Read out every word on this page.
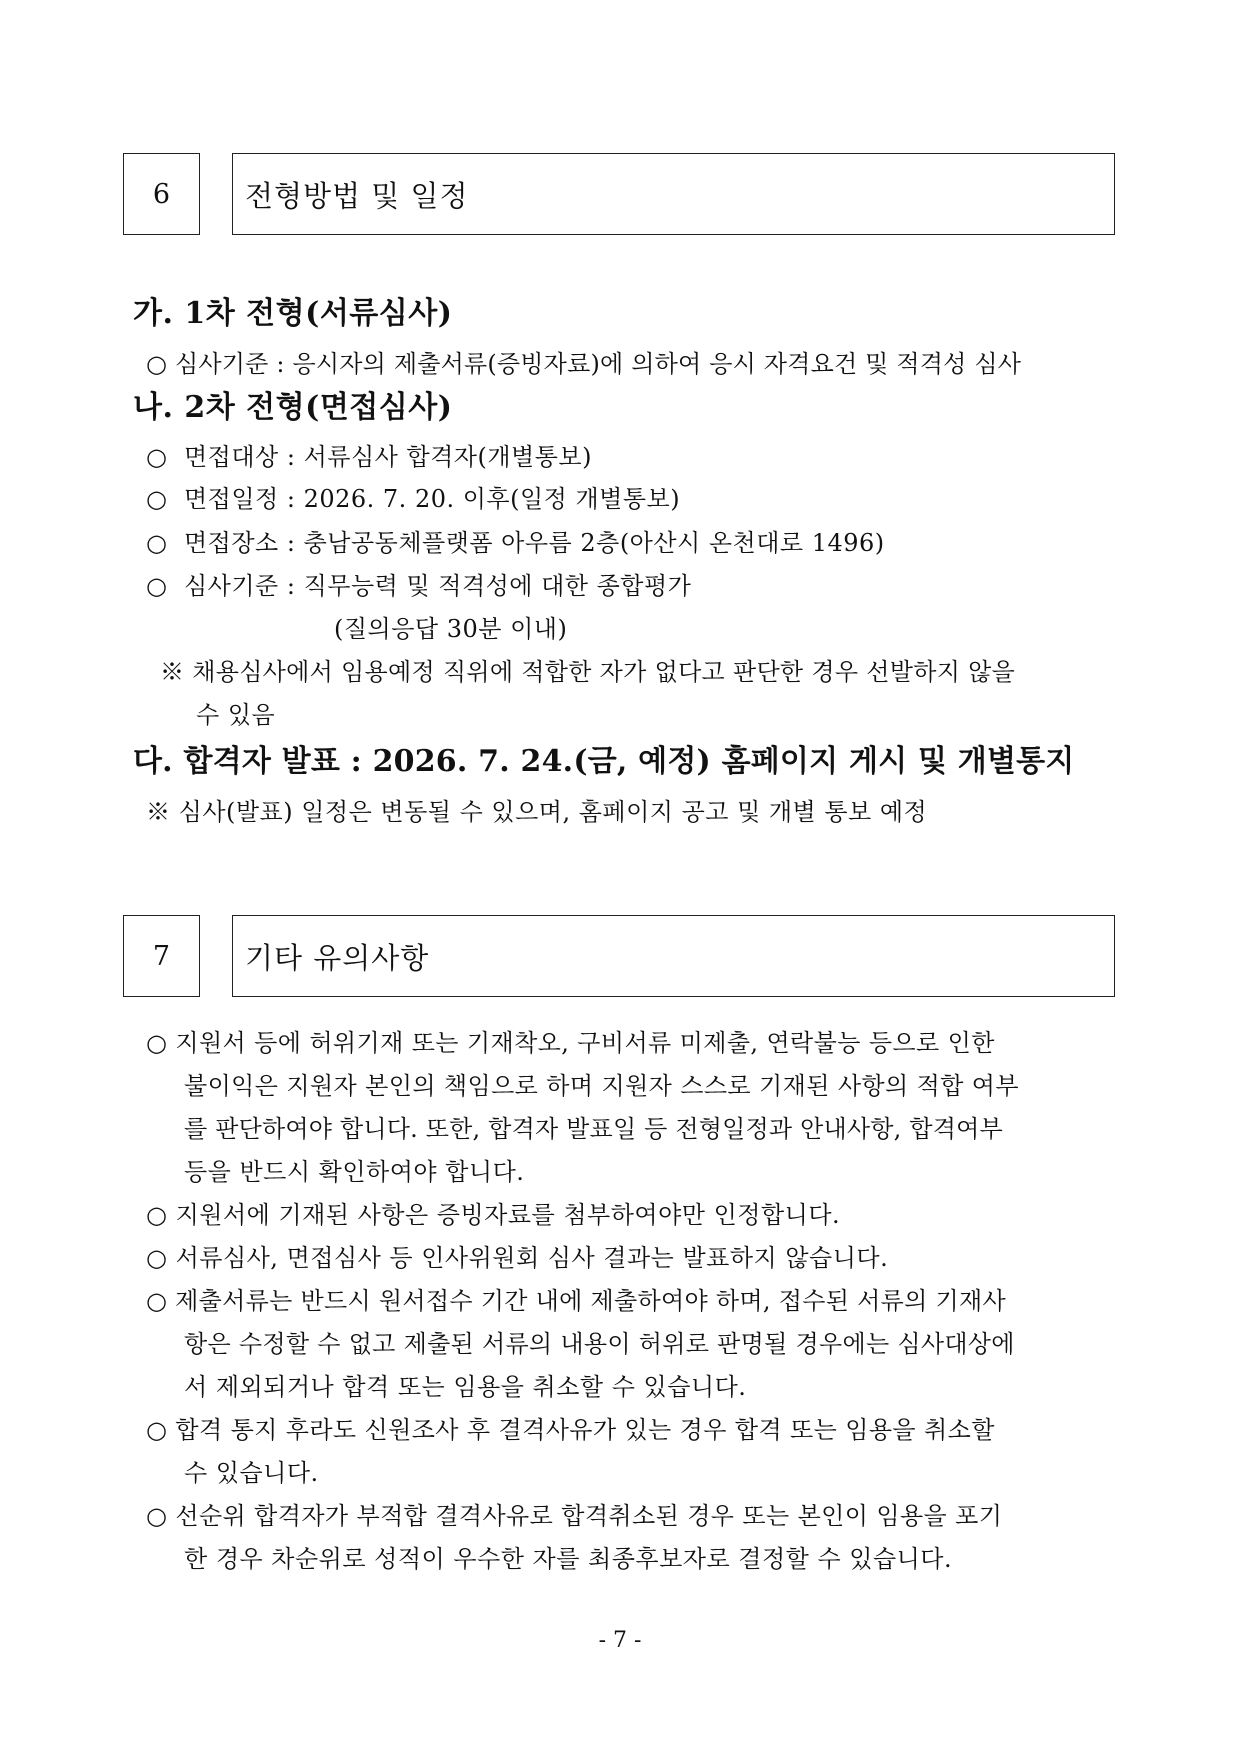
6	전형방법 및 일정
가. 1차 전형(서류심사)
○ 심사기준 : 응시자의 제출서류(증빙자료)에 의하여 응시 자격요건 및 적격성 심사
나. 2차 전형(면접심사)
○ 면접대상 : 서류심사 합격자(개별통보)
○ 면접일정 : 2026. 7. 20. 이후(일정 개별통보)
○ 면접장소 : 충남공동체플랫폼 아우름 2층(아산시 온천대로 1496)
○ 심사기준 : 직무능력 및 적격성에 대한 종합평가
(질의응답 30분 이내)
※ 채용심사에서 임용예정 직위에 적합한 자가 없다고 판단한 경우 선발하지 않을
수 있음
다. 합격자 발표 : 2026. 7. 24.(금, 예정) 홈페이지 게시 및 개별통지
※ 심사(발표) 일정은 변동될 수 있으며, 홈페이지 공고 및 개별 통보 예정
7	기타 유의사항
○ 지원서 등에 허위기재 또는 기재착오, 구비서류 미제출, 연락불능 등으로 인한
불이익은 지원자 본인의 책임으로 하며 지원자 스스로 기재된 사항의 적합 여부
를 판단하여야 합니다. 또한, 합격자 발표일 등 전형일정과 안내사항, 합격여부
등을 반드시 확인하여야 합니다.
○ 지원서에 기재된 사항은 증빙자료를 첨부하여야만 인정합니다.
○ 서류심사, 면접심사 등 인사위원회 심사 결과는 발표하지 않습니다.
○ 제출서류는 반드시 원서접수 기간 내에 제출하여야 하며, 접수된 서류의 기재사
항은 수정할 수 없고 제출된 서류의 내용이 허위로 판명될 경우에는 심사대상에
서 제외되거나 합격 또는 임용을 취소할 수 있습니다.
○ 합격 통지 후라도 신원조사 후 결격사유가 있는 경우 합격 또는 임용을 취소할
수 있습니다.
○ 선순위 합격자가 부적합 결격사유로 합격취소된 경우 또는 본인이 임용을 포기
한 경우 차순위로 성적이 우수한 자를 최종후보자로 결정할 수 있습니다.
- 7 -
